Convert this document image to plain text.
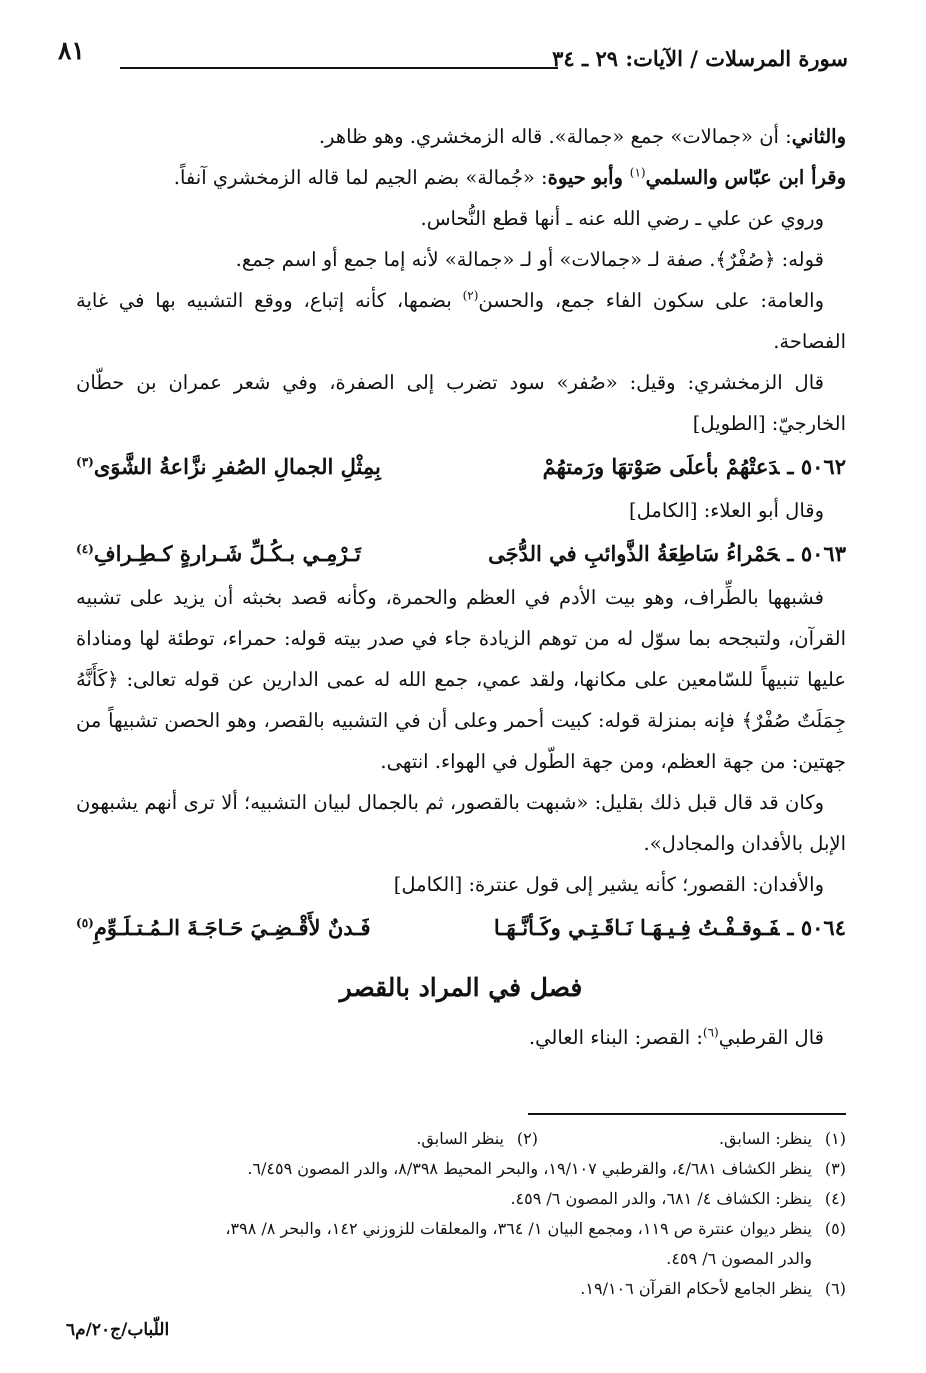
سورة المرسلات / الآيات: ٢٩ ـ ٣٤
٨١

والثاني: أن «جمالات» جمع «جمالة». قاله الزمخشري. وهو ظاهر.

وقرأ ابن عبّاس والسلمي$^{(١)}$ وأبو حيوة: «جُمالة» بضم الجيم لما قاله الزمخشري آنفاً.

وروي عن علي ـ رضي الله عنه ـ أنها قطع النُّحاس.

قوله: ﴿صُفْرٌ﴾. صفة لـ «جمالات» أو لـ «جمالة» لأنه إما جمع أو اسم جمع.

والعامة: على سكون الفاء جمع، والحسن$^{(٢)}$ بضمها، كأنه إتباع، ووقع التشبيه بها في غاية الفصاحة.

قال الزمخشري: وقيل: «صُفر» سود تضرب إلى الصفرة، وفي شعر عمران بن حطّان الخارجيّ: [الطويل]

٥٠٦٢ ـدَعتْهُمْ بأعلَى صَوْتهَا ورَمتهُمْ
بِمِثْلِ الجمالِ الصُفرِ نزَّاعةُ الشَّوَى$^{(٣)}$

وقال أبو العلاء: [الكامل]

٥٠٦٣ ـحَمْراءُ سَاطِعَةُ الذَّوائبِ في الدُّجَى
تَـرْمِـي بـكُـلِّ شَـرارةٍ كـطِـرافِ$^{(٤)}$

فشبهها بالطِّراف، وهو بيت الأدم في العظم والحمرة، وكأنه قصد بخبثه أن يزيد على تشبيه القرآن، ولتبجحه بما سوّل له من توهم الزيادة جاء في صدر بيته قوله: حمراء، توطئة لها ومناداة عليها تنبيهاً للسّامعين على مكانها، ولقد عمي، جمع الله له عمى الدارين عن قوله تعالى: ﴿كَأَنَّهُ جِمَلَتٌ صُفْرٌ﴾ فإنه بمنزلة قوله: كبيت أحمر وعلى أن في التشبيه بالقصر، وهو الحصن تشبيهاً من جهتين: من جهة العظم، ومن جهة الطّول في الهواء. انتهى.

وكان قد قال قبل ذلك بقليل: «شبهت بالقصور، ثم بالجمال لبيان التشبيه؛ ألا ترى أنهم يشبهون الإبل بالأفدان والمجادل».

والأفدان: القصور؛ كأنه يشير إلى قول عنترة: [الكامل]

٥٠٦٤ ـفَـوقـفْـتُ فِـيـهَـا نَـاقَـتِـي وكَـأنَّـهَـا
فَـدنٌ لأَقْـضِـيَ حَـاجَـةَ الـمُـتـلَـوِّمِ$^{(٥)}$
فصل في المراد بالقصر

قال القرطبي$^{(٦)}$: القصر: البناء العالي.

(١)
ينظر: السابق.
(٢)
ينظر السابق.
(٣)
ينظر الكشاف ٤/٦٨١، والقرطبي ١٩/١٠٧، والبحر المحيط ٨/٣٩٨، والدر المصون ٦/٤٥٩.
(٤)
ينظر: الكشاف ٤/ ٦٨١، والدر المصون ٦/ ٤٥٩.
(٥)
ينظر ديوان عنترة ص ١١٩، ومجمع البيان ١/ ٣٦٤، والمعلقات للزوزني ١٤٢، والبحر ٨/ ٣٩٨،
والدر المصون ٦/ ٤٥٩.
(٦)
ينظر الجامع لأحكام القرآن ١٩/١٠٦.
اللّباب/ج٢٠/م٦
